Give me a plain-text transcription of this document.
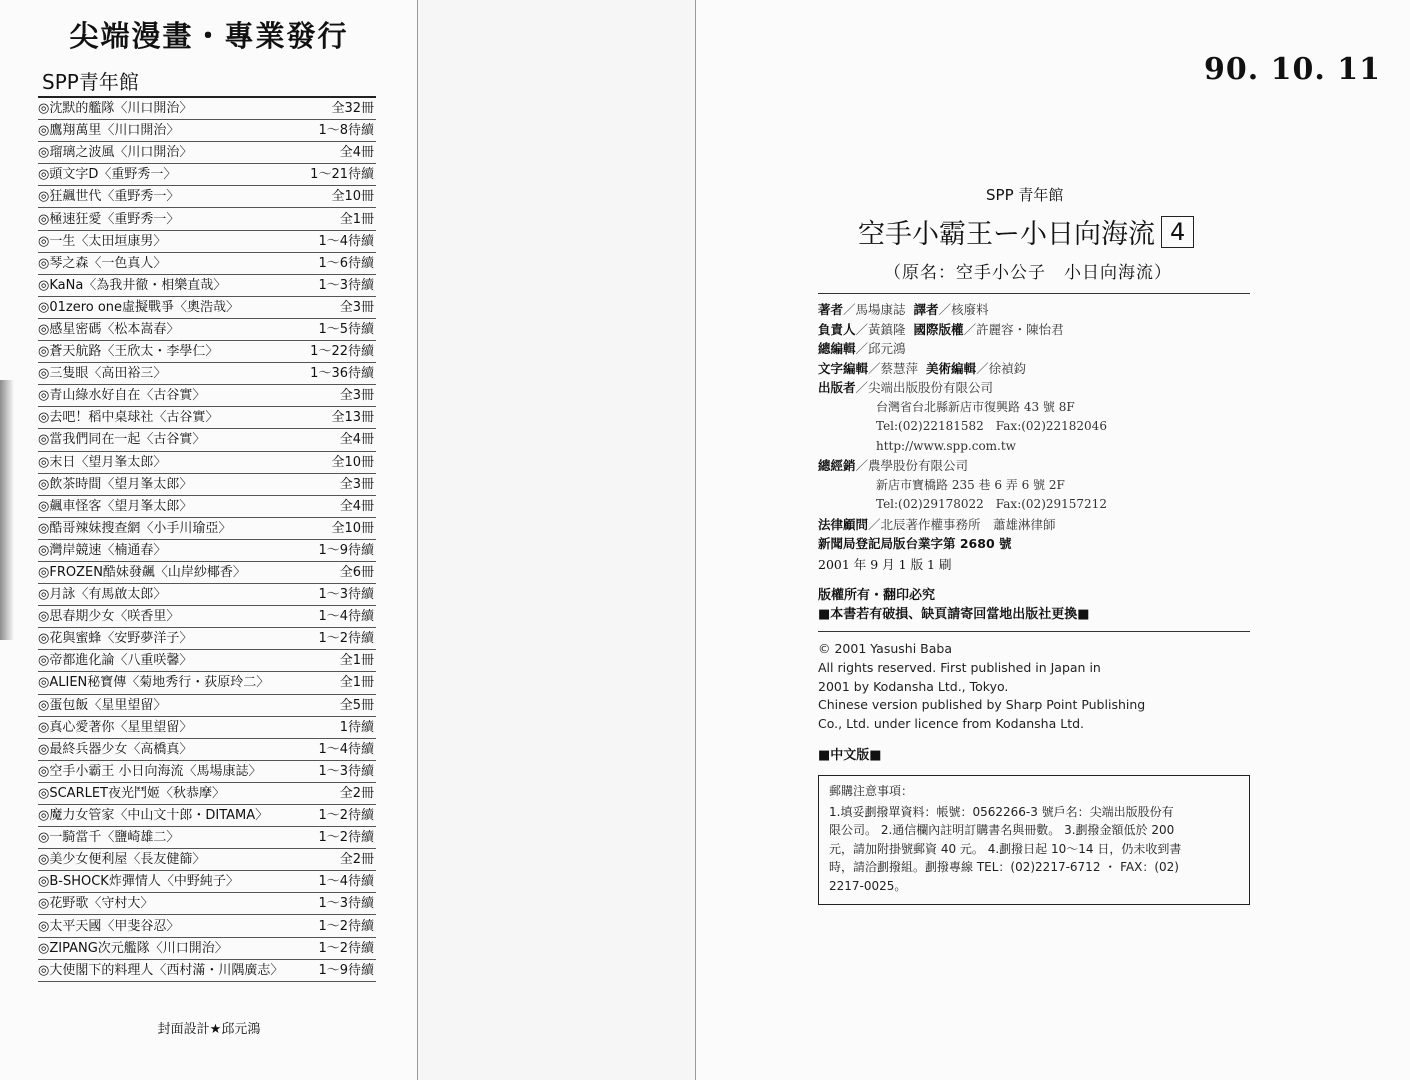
尖端漫畫・專業發行
SPP青年館
◎沈默的艦隊〈川口開治〉	全32冊
◎鷹翔萬里〈川口開治〉	1～8待續
◎瑠璃之波風〈川口開治〉	全4冊
◎頭文字D〈重野秀一〉	1～21待續
◎狂飆世代〈重野秀一〉	全10冊
◎極速狂愛〈重野秀一〉	全1冊
◎一生〈太田垣康男〉	1～4待續
◎琴之森〈一色真人〉	1～6待續
◎KaNa〈為我井徹・相樂直哉〉	1～3待續
◎01zero one虛擬戰爭〈奧浩哉〉	全3冊
◎感星密碼〈松本嵩春〉	1～5待續
◎蒼天航路〈王欣太・李學仁〉	1～22待續
◎三隻眼〈高田裕三〉	1～36待續
◎青山綠水好自在〈古谷實〉	全3冊
◎去吧！稻中桌球社〈古谷實〉	全13冊
◎當我們同在一起〈古谷實〉	全4冊
◎末日〈望月峯太郎〉	全10冊
◎飲茶時間〈望月峯太郎〉	全3冊
◎飆車怪客〈望月峯太郎〉	全4冊
◎酷哥辣妹搜查網〈小手川瑜亞〉	全10冊
◎灣岸競速〈楠通春〉	1～9待續
◎FROZEN酷妹發飆〈山岸紗椰香〉	全6冊
◎月詠〈有馬啟太郎〉	1～3待續
◎思春期少女〈咲香里〉	1～4待續
◎花與蜜蜂〈安野夢洋子〉	1～2待續
◎帝都進化論〈八重咲馨〉	全1冊
◎ALIEN秘寶傳〈菊地秀行・荻原玲二〉	全1冊
◎蛋包飯〈星里望留〉	全5冊
◎真心愛著你〈星里望留〉	1待續
◎最終兵器少女〈高橋真〉	1～4待續
◎空手小霸王 小日向海流〈馬場康誌〉	1～3待續
◎SCARLET夜光鬥姬〈秋恭摩〉	全2冊
◎魔力女管家〈中山文十郎・DITAMA〉	1～2待續
◎一騎當千〈鹽崎雄二〉	1～2待續
◎美少女便利屋〈長友健篩〉	全2冊
◎B-SHOCK炸彈情人〈中野純子〉	1～4待續
◎花野歌〈守村大〉	1～3待續
◎太平天國〈甲斐谷忍〉	1～2待續
◎ZIPANG次元艦隊〈川口開治〉	1～2待續
◎大使閣下的料理人〈西村滿・川隅廣志〉	1～9待續
封面設計★邱元鴻
90. 10. 11
SPP 青年館
空手小霸王ー小日向海流 4
（原名：空手小公子　小日向海流）
著者／馬場康誌 譯者／核廢料
負責人／黃鎮隆 國際版權／許麗容・陳怡君
總編輯／邱元鴻
文字編輯／蔡慧萍 美術編輯／徐禎鈞
出版者／尖端出版股份有限公司
台灣省台北縣新店市復興路 43 號 8F
Tel:(02)22181582　Fax:(02)22182046
http://www.spp.com.tw
總經銷／農學股份有限公司
新店市寶橋路 235 巷 6 弄 6 號 2F
Tel:(02)29178022　Fax:(02)29157212
法律顧問／北辰著作權事務所　蕭雄淋律師
新聞局登記局版台業字第 2680 號
2001 年 9 月 1 版 1 刷
版權所有・翻印必究
■本書若有破損、缺頁請寄回當地出版社更換■
© 2001 Yasushi Baba
All rights reserved. First published in Japan in
2001 by Kodansha Ltd., Tokyo.
Chinese version published by Sharp Point Publishing
Co., Ltd. under licence from Kodansha Ltd.
■中文版■
郵購注意事項：
1.填妥劃撥單資料：帳號：0562266-3 號戶名：尖端出版股份有
限公司。 2.通信欄內註明訂購書名與冊數。 3.劃撥金額低於 200
元，請加附掛號郵資 40 元。 4.劃撥日起 10～14 日，仍未收到書
時，請洽劃撥組。劃撥專線 TEL：(02)2217-6712 ・ FAX：(02)
2217-0025。
